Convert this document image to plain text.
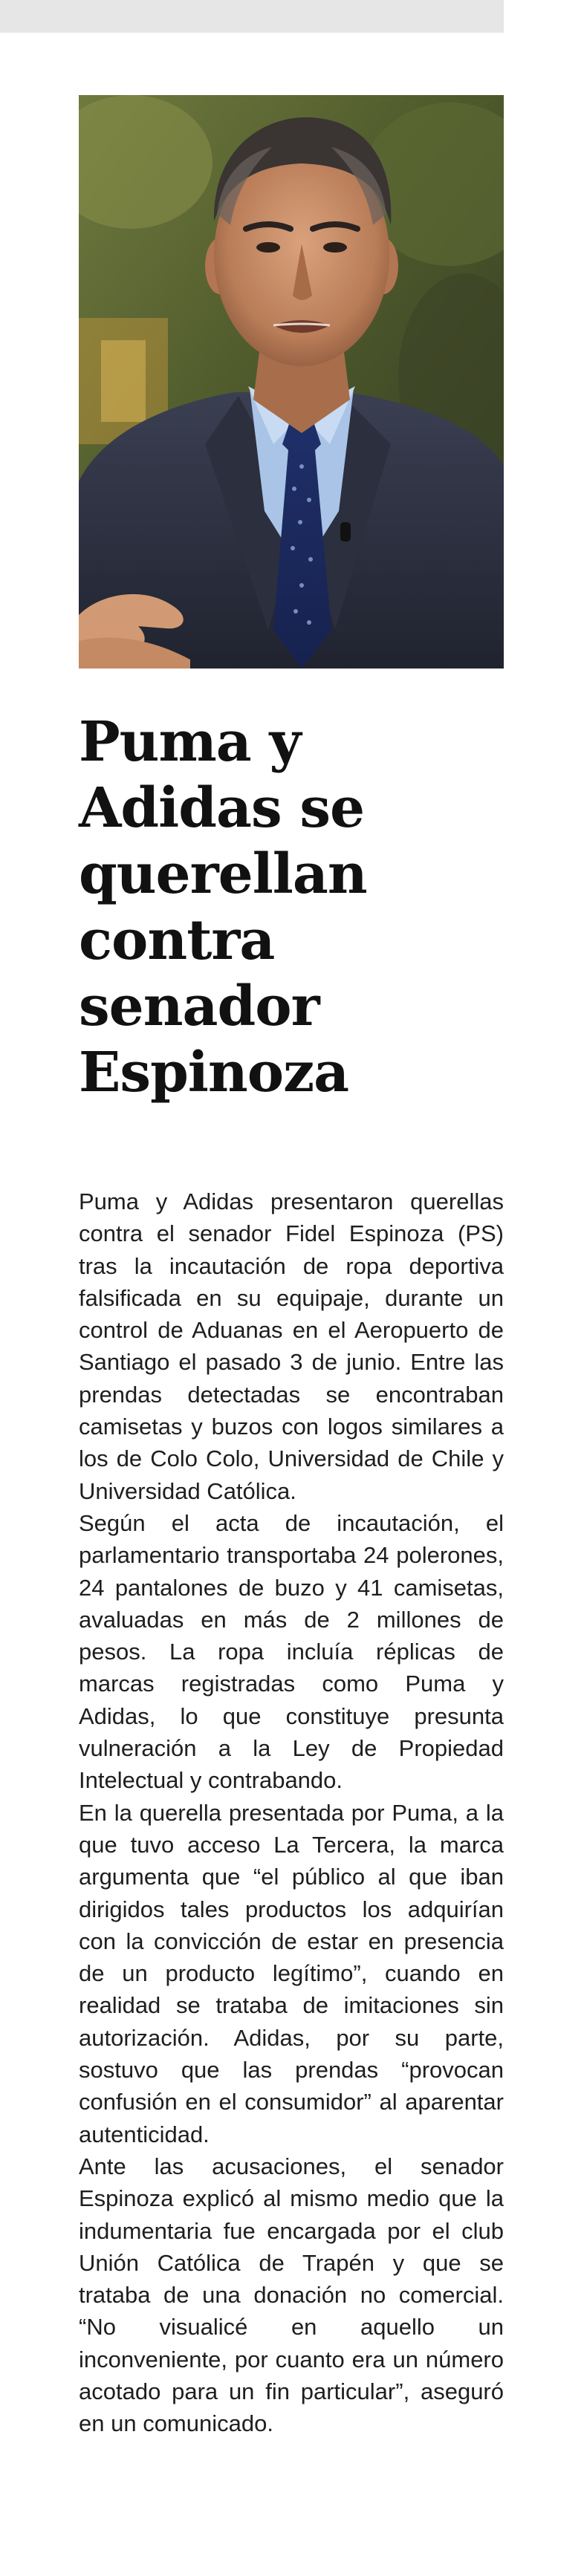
Puma y Adidas se querellan contra senador Espinoza

Puma y Adidas presentaron querellas contra el senador Fidel Espinoza (PS) tras la incautación de ropa deportiva falsificada en su equipaje, durante un control de Aduanas en el Aeropuerto de Santiago el pasado 3 de junio. Entre las prendas detectadas se encontraban camisetas y buzos con logos similares a los de Colo Colo, Universidad de Chile y Universidad Católica.

Según el acta de incautación, el parlamentario transportaba 24 polerones, 24 pantalones de buzo y 41 camisetas, avaluadas en más de 2 millones de pesos. La ropa incluía réplicas de marcas registradas como Puma y Adidas, lo que constituye presunta vulneración a la Ley de Propiedad Intelectual y contrabando.

En la querella presentada por Puma, a la que tuvo acceso La Tercera, la marca argumenta que “el público al que iban dirigidos tales productos los adquirían con la convicción de estar en presencia de un producto legítimo”, cuando en realidad se trataba de imitaciones sin autorización. Adidas, por su parte, sostuvo que las prendas “provocan confusión en el consumidor” al aparentar autenticidad.

Ante las acusaciones, el senador Espinoza explicó al mismo medio que la indumentaria fue encargada por el club Unión Católica de Trapén y que se trataba de una donación no comercial. “No visualicé en aquello un inconveniente, por cuanto era un número acotado para un fin particular”, aseguró en un comunicado.
